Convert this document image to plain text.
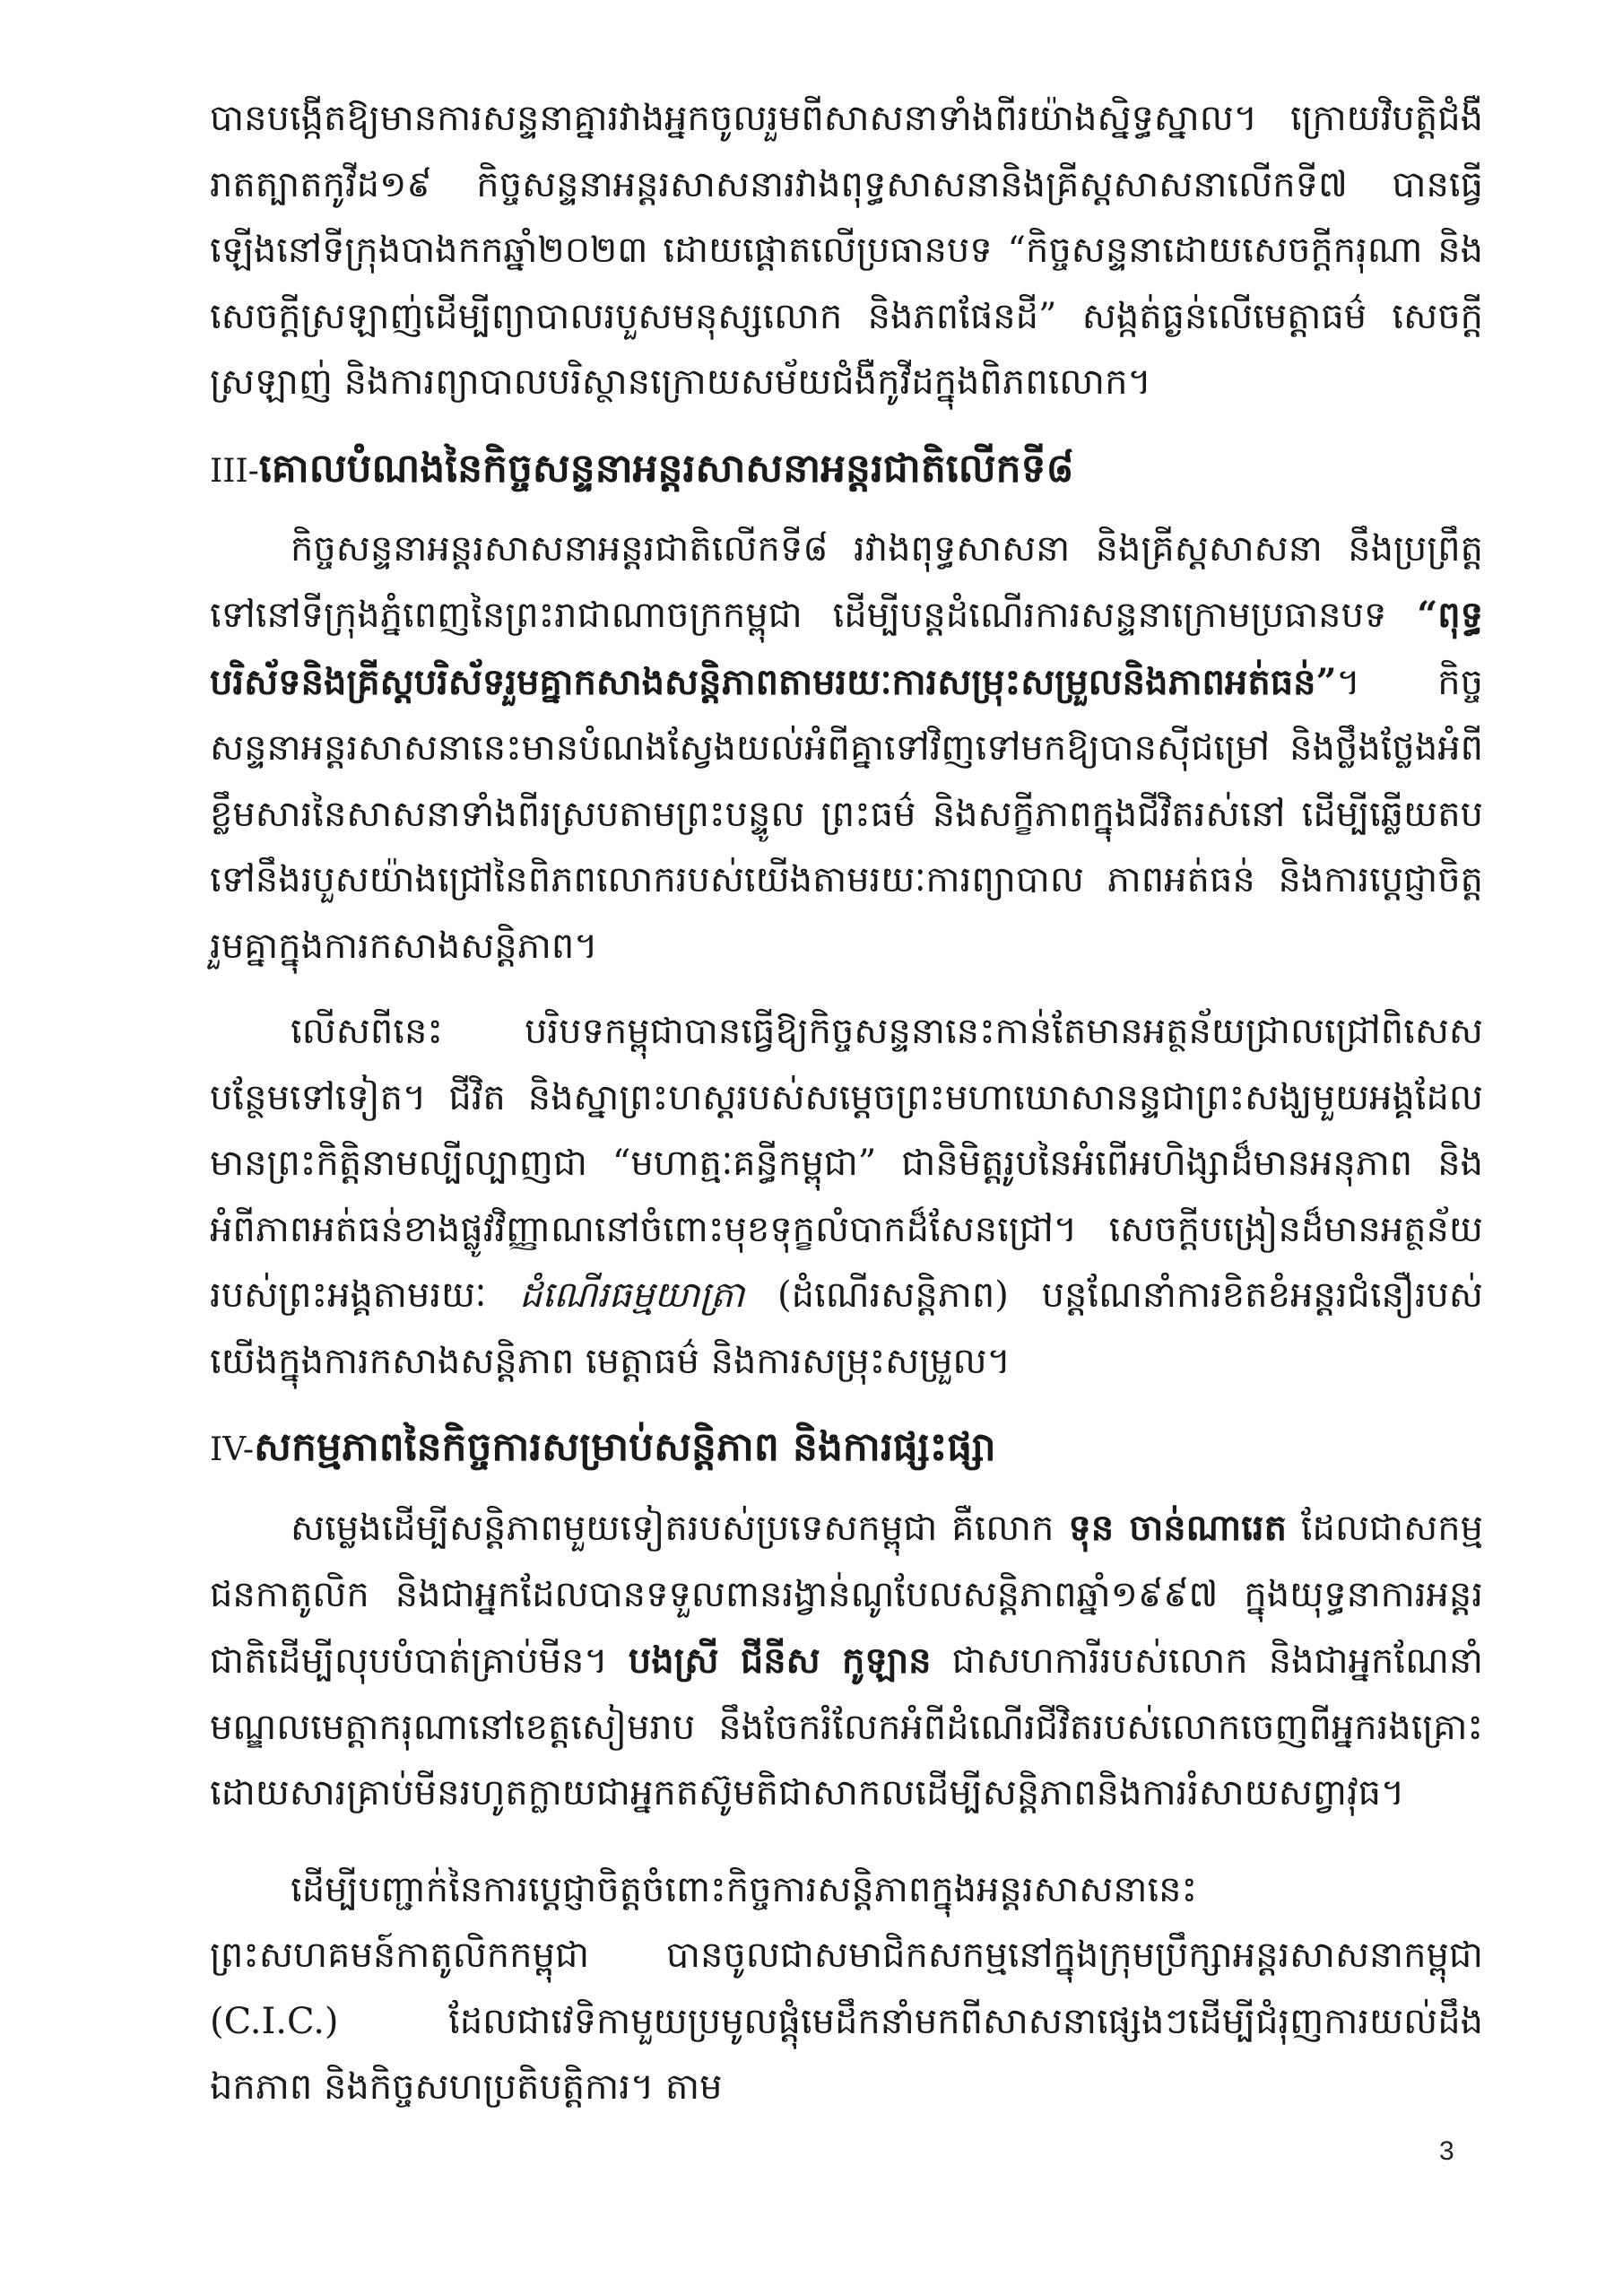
បានបង្កើតឱ្យមានការសន្ទនាគ្នារវាងអ្នកចូលរួមពីសាសនាទាំងពីរយ៉ាងស្និទ្ធស្នាល។ ក្រោយវិបត្តិជំងឺរាតត្បាតកូវីដ១៩ កិច្ចសន្ទនាអន្តរសាសនារវាងពុទ្ធសាសនានិងគ្រីស្តសាសនាលើកទី៧ បានធ្វើឡើងនៅទីក្រុងបាងកកឆ្នាំ២០២៣ ដោយផ្តោតលើប្រធានបទ “កិច្ចសន្ទនាដោយសេចក្តីករុណា និងសេចក្តីស្រឡាញ់ដើម្បីព្យាបាលរបួសមនុស្សលោក និងភពផែនដី” សង្កត់ធ្ងន់លើមេត្តាធម៌ សេចក្តីស្រឡាញ់ និងការព្យាបាលបរិស្ថានក្រោយសម័យជំងឺកូវីដក្នុងពិភពលោក។

III-គោលបំណងនៃកិច្ចសន្ទនាអន្តរសាសនាអន្តរជាតិលើកទី៨

កិច្ចសន្ទនាអន្តរសាសនាអន្តរជាតិលើកទី៨ រវាងពុទ្ធសាសនា និងគ្រីស្តសាសនា នឹងប្រព្រឹត្តទៅនៅទីក្រុងភ្នំពេញនៃព្រះរាជាណាចក្រកម្ពុជា ដើម្បីបន្តដំណើរការសន្ទនាក្រោមប្រធានបទ “ពុទ្ធបរិស័ទនិងគ្រីស្តបរិស័ទរួមគ្នាកសាងសន្តិភាពតាមរយៈការសម្រុះសម្រួលនិងភាពអត់ធន់”។ កិច្ចសន្ទនាអន្តរសាសនានេះមានបំណងស្វែងយល់អំពីគ្នាទៅវិញទៅមកឱ្យបានស៊ីជម្រៅ និងថ្លឹងថ្លែងអំពីខ្លឹមសារនៃសាសនាទាំងពីរស្របតាមព្រះបន្ទូល ព្រះធម៌ និងសក្ខីភាពក្នុងជីវិតរស់នៅ ដើម្បីឆ្លើយតបទៅនឹងរបួសយ៉ាងជ្រៅនៃពិភពលោករបស់យើងតាមរយៈការព្យាបាល ភាពអត់ធន់ និងការប្តេជ្ញាចិត្តរួមគ្នាក្នុងការកសាងសន្តិភាព។

លើសពីនេះ បរិបទកម្ពុជាបានធ្វើឱ្យកិច្ចសន្ទនានេះកាន់តែមានអត្ថន័យជ្រាលជ្រៅពិសេសបន្ថែមទៅទៀត។ ជីវិត និងស្នាព្រះហស្តរបស់សម្តេចព្រះមហាឃោសានន្ទជាព្រះសង្ឃមួយអង្គដែលមានព្រះកិត្តិនាមល្បីល្បាញជា “មហាត្មៈគន្ធីកម្ពុជា” ជានិមិត្តរូបនៃអំពើអហិង្សាដ៏មានអនុភាព និងអំពីភាពអត់ធន់ខាងផ្លូវវិញ្ញាណនៅចំពោះមុខទុក្ខលំបាកដ៏សែនជ្រៅ។ សេចក្តីបង្រៀនដ៏មានអត្ថន័យរបស់ព្រះអង្គតាមរយៈ ដំណើរធម្មយាត្រា (ដំណើរសន្តិភាព) បន្តណែនាំការខិតខំអន្តរជំនឿរបស់យើងក្នុងការកសាងសន្តិភាព មេត្តាធម៌ និងការសម្រុះសម្រួល។

IV-សកម្មភាពនៃកិច្ចការសម្រាប់សន្តិភាព និងការផ្សះផ្សា

សម្លេងដើម្បីសន្តិភាពមួយទៀតរបស់ប្រទេសកម្ពុជា គឺលោក ទុន ចាន់ណារេត ដែលជាសកម្មជនកាតូលិក និងជាអ្នកដែលបានទទួលពានរង្វាន់ណូបែលសន្តិភាពឆ្នាំ១៩៩៧ ក្នុងយុទ្ធនាការអន្តរជាតិដើម្បីលុបបំបាត់គ្រាប់មីន។ បងស្រី ជីនីស កូឡាន ជាសហការីរបស់លោក និងជាអ្នកណែនាំមណ្ឌលមេត្តាករុណានៅខេត្តសៀមរាប នឹងចែករំលែកអំពីដំណើរជីវិតរបស់លោកចេញពីអ្នករងគ្រោះដោយសារគ្រាប់មីនរហូតក្លាយជាអ្នកតស៊ូមតិជាសាកលដើម្បីសន្តិភាពនិងការរំសាយសព្វាវុធ។

ដើម្បីបញ្ជាក់នៃការប្តេជ្ញាចិត្តចំពោះកិច្ចការសន្តិភាពក្នុងអន្តរសាសនានេះ ព្រះសហគមន៍កាតូលិកកម្ពុជា បានចូលជាសមាជិកសកម្មនៅក្នុងក្រុមប្រឹក្សាអន្តរសាសនាកម្ពុជា (C.I.C.) ដែលជាវេទិកាមួយប្រមូលផ្តុំមេដឹកនាំមកពីសាសនាផ្សេងៗដើម្បីជំរុញការយល់ដឹង ឯកភាព និងកិច្ចសហប្រតិបត្តិការ។ តាម

3
